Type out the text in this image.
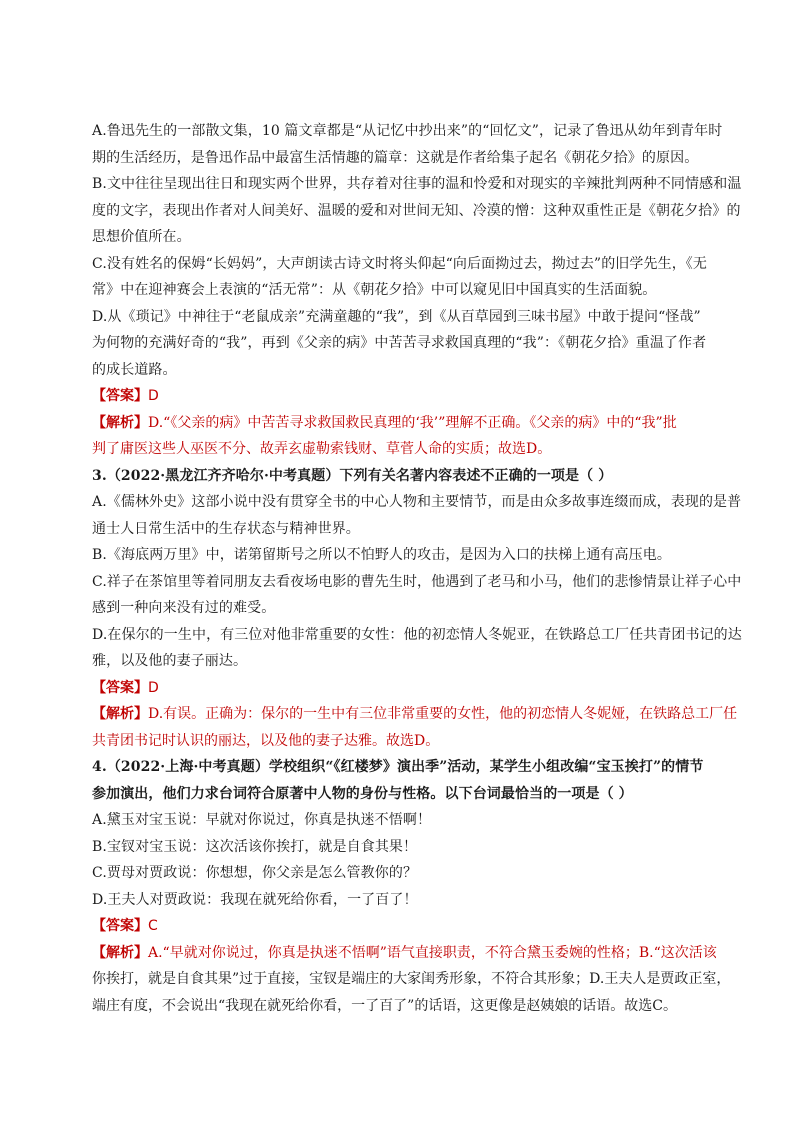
A.鲁迅先生的一部散文集，10 篇文章都是“从记忆中抄出来”的“回忆文”，记录了鲁迅从幼年到青年时

期的生活经历，是鲁迅作品中最富生活情趣的篇章：这就是作者给集子起名《朝花夕拾》的原因。

B.文中往往呈现出往日和现实两个世界，共存着对往事的温和怜爱和对现实的辛辣批判两种不同情感和温

度的文字，表现出作者对人间美好、温暖的爱和对世间无知、冷漠的憎：这种双重性正是《朝花夕拾》的

思想价值所在。

C.没有姓名的保姆“长妈妈”，大声朗读古诗文时将头仰起“向后面拗过去，拗过去”的旧学先生，《无

常》中在迎神赛会上表演的“活无常”：从《朝花夕拾》中可以窥见旧中国真实的生活面貌。

D.从《琐记》中神往于“老鼠成亲”充满童趣的“我”，到《从百草园到三味书屋》中敢于提问“怪哉”

为何物的充满好奇的“我”，再到《父亲的病》中苦苦寻求救国真理的“我”：《朝花夕拾》重温了作者

的成长道路。

【答案】D

【解析】D.“《父亲的病》中苦苦寻求救国救民真理的‘我’”理解不正确。《父亲的病》中的“我”批

判了庸医这些人巫医不分、故弄玄虚勒索钱财、草菅人命的实质；故选D。

3.（2022·黑龙江齐齐哈尔·中考真题）下列有关名著内容表述不正确的一项是（ ）

A.《儒林外史》这部小说中没有贯穿全书的中心人物和主要情节，而是由众多故事连缀而成，表现的是普

通士人日常生活中的生存状态与精神世界。

B.《海底两万里》中，诺第留斯号之所以不怕野人的攻击，是因为入口的扶梯上通有高压电。

C.祥子在茶馆里等着同朋友去看夜场电影的曹先生时，他遇到了老马和小马，他们的悲惨情景让祥子心中

感到一种向来没有过的难受。

D.在保尔的一生中，有三位对他非常重要的女性：他的初恋情人冬妮亚，在铁路总工厂任共青团书记的达

雅，以及他的妻子丽达。

【答案】D

【解析】D.有误。正确为：保尔的一生中有三位非常重要的女性，他的初恋情人冬妮娅，在铁路总工厂任

共青团书记时认识的丽达，以及他的妻子达雅。故选D。

4.（2022·上海·中考真题）学校组织“《红楼梦》演出季”活动，某学生小组改编“宝玉挨打”的情节

参加演出，他们力求台词符合原著中人物的身份与性格。以下台词最恰当的一项是（ ）

A.黛玉对宝玉说：早就对你说过，你真是执迷不悟啊！

B.宝钗对宝玉说：这次活该你挨打，就是自食其果！

C.贾母对贾政说：你想想，你父亲是怎么管教你的？

D.王夫人对贾政说：我现在就死给你看，一了百了！

【答案】C

【解析】A.“早就对你说过，你真是执迷不悟啊”语气直接职责，不符合黛玉委婉的性格；B.“这次活该

你挨打，就是自食其果”过于直接，宝钗是端庄的大家闺秀形象，不符合其形象；D.王夫人是贾政正室，

端庄有度，不会说出“我现在就死给你看，一了百了”的话语，这更像是赵姨娘的话语。故选C。
